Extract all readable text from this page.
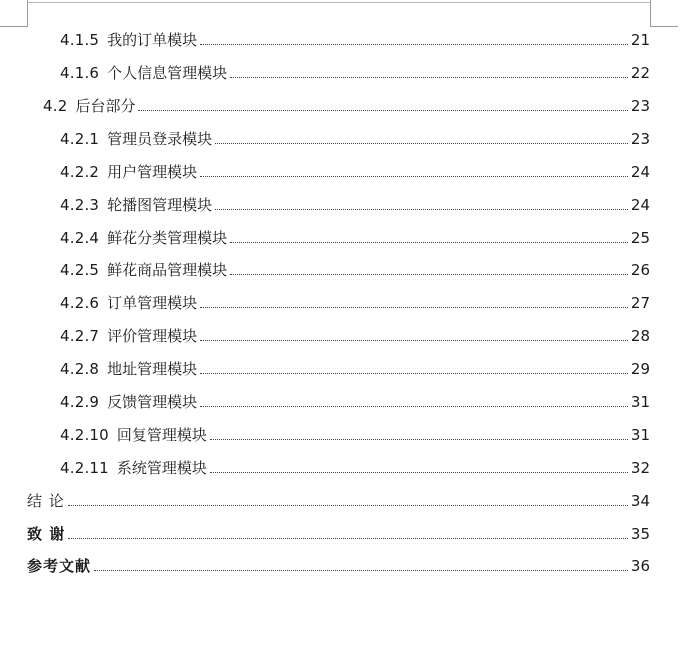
4.1.5 我的订单模块	21
4.1.6 个人信息管理模块	22
4.2 后台部分	23
4.2.1 管理员登录模块	23
4.2.2 用户管理模块	24
4.2.3 轮播图管理模块	24
4.2.4 鲜花分类管理模块	25
4.2.5 鲜花商品管理模块	26
4.2.6 订单管理模块	27
4.2.7 评价管理模块	28
4.2.8 地址管理模块	29
4.2.9 反馈管理模块	31
4.2.10 回复管理模块	31
4.2.11 系统管理模块	32
结 论	34
致 谢	35
参考文献	36
